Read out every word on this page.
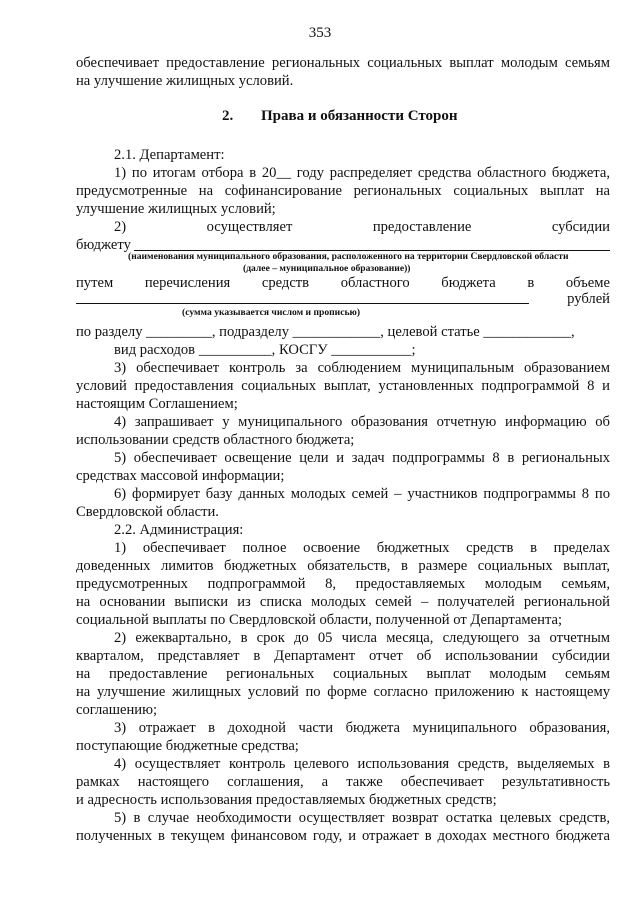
353
обеспечивает предоставление региональных социальных выплат молодым семьям
на улучшение жилищных условий.
2. Права и обязанности Сторон
2.1. Департамент:
1) по итогам отбора в 20__ году распределяет средства областного бюджета,
предусмотренные на софинансирование региональных социальных выплат на
улучшение жилищных условий;
2)	осуществляет	предоставление	субсидии
бюджету
(наименования муниципального образования, расположенного на территории Свердловской области
(далее – муниципальное образование))
путем перечисления средств областного бюджета в объеме
рублей
(сумма указывается числом и прописью)
по разделу _________, подразделу ____________, целевой статье ____________,
вид расходов __________, КОСГУ ___________;
3) обеспечивает контроль за соблюдением муниципальным образованием
условий предоставления социальных выплат, установленных подпрограммой 8 и
настоящим Соглашением;
4) запрашивает у муниципального образования отчетную информацию об
использовании средств областного бюджета;
5) обеспечивает освещение цели и задач подпрограммы 8 в региональных
средствах массовой информации;
6) формирует базу данных молодых семей – участников подпрограммы 8 по
Свердловской области.
2.2. Администрация:
1) обеспечивает полное освоение бюджетных средств в пределах
доведенных лимитов бюджетных обязательств, в размере социальных выплат,
предусмотренных подпрограммой 8, предоставляемых молодым семьям,
на основании выписки из списка молодых семей – получателей региональной
социальной выплаты по Свердловской области, полученной от Департамента;
2) ежеквартально, в срок до 05 числа месяца, следующего за отчетным
кварталом, представляет в Департамент отчет об использовании субсидии
на предоставление региональных социальных выплат молодым семьям
на улучшение жилищных условий по форме согласно приложению к настоящему
соглашению;
3) отражает в доходной части бюджета муниципального образования,
поступающие бюджетные средства;
4) осуществляет контроль целевого использования средств, выделяемых в
рамках настоящего соглашения, а также обеспечивает результативность
и адресность использования предоставляемых бюджетных средств;
5) в случае необходимости осуществляет возврат остатка целевых средств,
полученных в текущем финансовом году, и отражает в доходах местного бюджета
